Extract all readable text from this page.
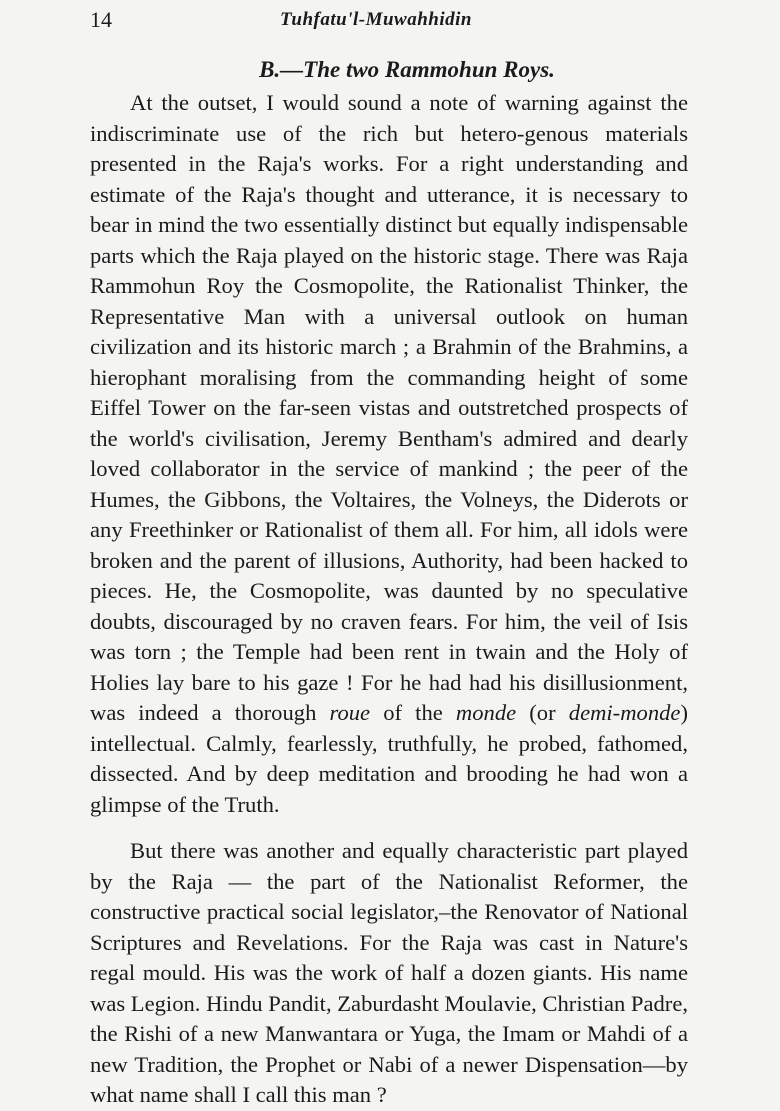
14	Tuhfatu'l-Muwahhidin
B.—The two Rammohun Roys.

At the outset, I would sound a note of warning against the indiscriminate use of the rich but hetero-genous materials presented in the Raja's works. For a right understanding and estimate of the Raja's thought and utterance, it is necessary to bear in mind the two essentially distinct but equally indispensable parts which the Raja played on the historic stage. There was Raja Rammohun Roy the Cosmopolite, the Rationalist Thinker, the Representative Man with a universal outlook on human civilization and its historic march ; a Brahmin of the Brahmins, a hierophant moralising from the commanding height of some Eiffel Tower on the far-seen vistas and outstretched prospects of the world's civilisation, Jeremy Bentham's admired and dearly loved collaborator in the service of mankind ; the peer of the Humes, the Gibbons, the Voltaires, the Volneys, the Diderots or any Freethinker or Rationalist of them all. For him, all idols were broken and the parent of illusions, Authority, had been hacked to pieces. He, the Cosmopolite, was daunted by no speculative doubts, discouraged by no craven fears. For him, the veil of Isis was torn ; the Temple had been rent in twain and the Holy of Holies lay bare to his gaze ! For he had had his disillusionment, was indeed a thorough roue of the monde (or demi-monde) intellectual. Calmly, fearlessly, truthfully, he probed, fathomed, dissected. And by deep meditation and brooding he had won a glimpse of the Truth.

But there was another and equally characteristic part played by the Raja — the part of the Nationalist Reformer, the constructive practical social legislator,–the Renovator of National Scriptures and Revelations. For the Raja was cast in Nature's regal mould. His was the work of half a dozen giants. His name was Legion. Hindu Pandit, Zaburdasht Moulavie, Christian Padre, the Rishi of a new Manwantara or Yuga, the Imam or Mahdi of a new Tradition, the Prophet or Nabi of a newer Dispensation—by what name shall I call this man ?
